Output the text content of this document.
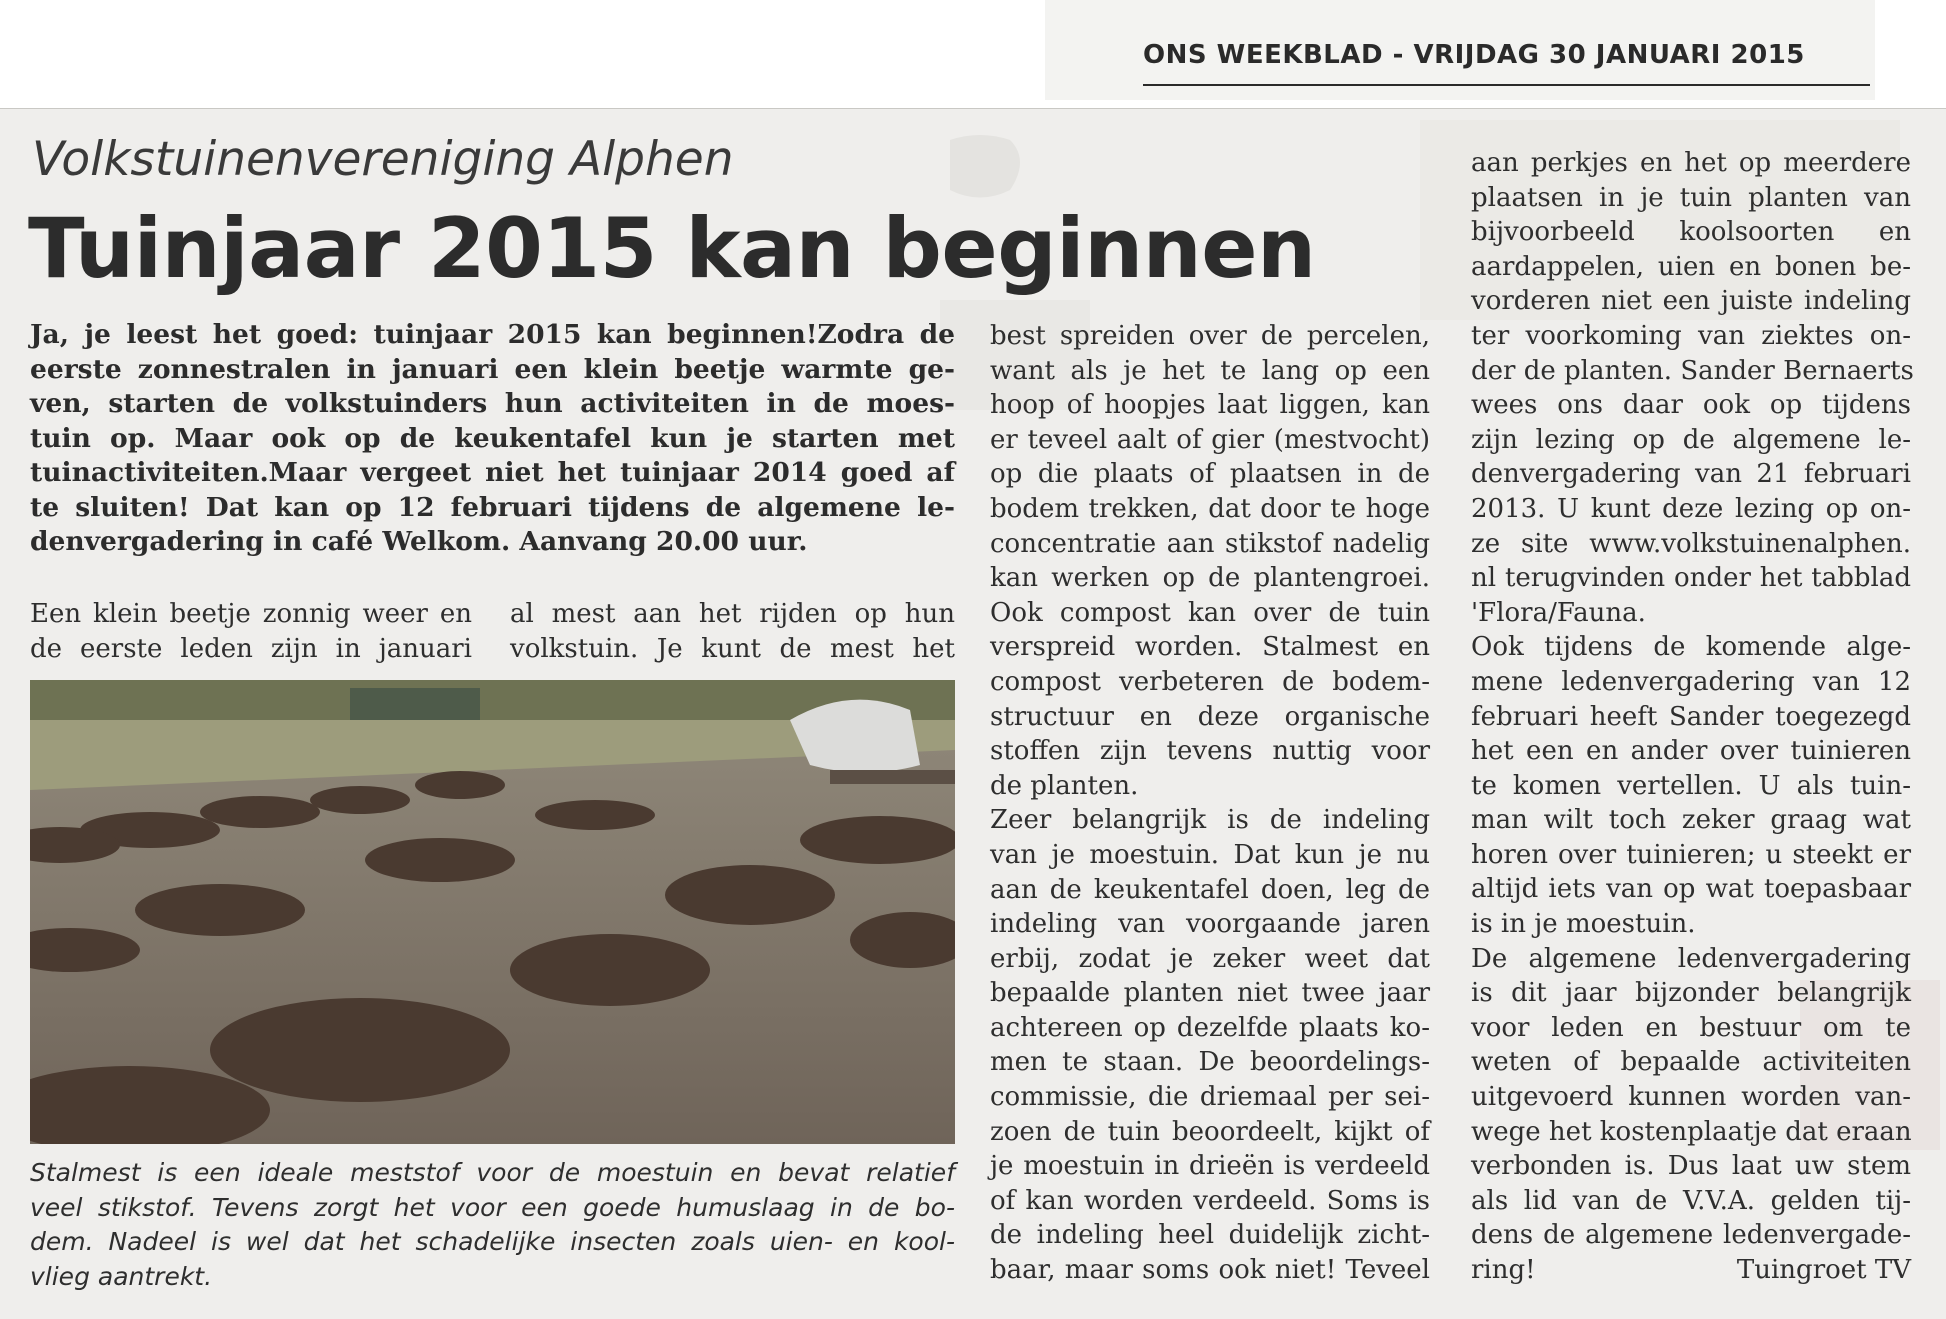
ONS WEEKBLAD - VRIJDAG 30 JANUARI 2015
Volkstuinenvereniging Alphen
Tuinjaar 2015 kan beginnen
Ja, je leest het goed: tuinjaar 2015 kan beginnen!Zodra de
eerste zonnestralen in januari een klein beetje warmte ge-
ven, starten de volkstuinders hun activiteiten in de moes-
tuin op. Maar ook op de keukentafel kun je starten met
tuinactiviteiten.Maar vergeet niet het tuinjaar 2014 goed af
te sluiten! Dat kan op 12 februari tijdens de algemene le-
denvergadering in café Welkom. Aanvang 20.00 uur.
Een klein beetje zonnig weer en
de eerste leden zijn in januari
al mest aan het rijden op hun
volkstuin. Je kunt de mest het
Stalmest is een ideale meststof voor de moestuin en bevat relatief
veel stikstof. Tevens zorgt het voor een goede humuslaag in de bo-
dem. Nadeel is wel dat het schadelijke insecten zoals uien- en kool-
vlieg aantrekt.
best spreiden over de percelen,
want als je het te lang op een
hoop of hoopjes laat liggen, kan
er teveel aalt of gier (mestvocht)
op die plaats of plaatsen in de
bodem trekken, dat door te hoge
concentratie aan stikstof nadelig
kan werken op de plantengroei.
Ook compost kan over de tuin
verspreid worden. Stalmest en
compost verbeteren de bodem-
structuur en deze organische
stoffen zijn tevens nuttig voor
de planten.
Zeer belangrijk is de indeling
van je moestuin. Dat kun je nu
aan de keukentafel doen, leg de
indeling van voorgaande jaren
erbij, zodat je zeker weet dat
bepaalde planten niet twee jaar
achtereen op dezelfde plaats ko-
men te staan. De beoordelings-
commissie, die driemaal per sei-
zoen de tuin beoordeelt, kijkt of
je moestuin in drieën is verdeeld
of kan worden verdeeld. Soms is
de indeling heel duidelijk zicht-
baar, maar soms ook niet! Teveel
aan perkjes en het op meerdere
plaatsen in je tuin planten van
bijvoorbeeld koolsoorten en
aardappelen, uien en bonen be-
vorderen niet een juiste indeling
ter voorkoming van ziektes on-
der de planten. Sander Bernaerts
wees ons daar ook op tijdens
zijn lezing op de algemene le-
denvergadering van 21 februari
2013. U kunt deze lezing op on-
ze site www.volkstuinenalphen.
nl terugvinden onder het tabblad
'Flora/Fauna.
Ook tijdens de komende alge-
mene ledenvergadering van 12
februari heeft Sander toegezegd
het een en ander over tuinieren
te komen vertellen. U als tuin-
man wilt toch zeker graag wat
horen over tuinieren; u steekt er
altijd iets van op wat toepasbaar
is in je moestuin.
De algemene ledenvergadering
is dit jaar bijzonder belangrijk
voor leden en bestuur om te
weten of bepaalde activiteiten
uitgevoerd kunnen worden van-
wege het kostenplaatje dat eraan
verbonden is. Dus laat uw stem
als lid van de V.V.A. gelden tij-
dens de algemene ledenvergade-
ring!	Tuingroet TV
